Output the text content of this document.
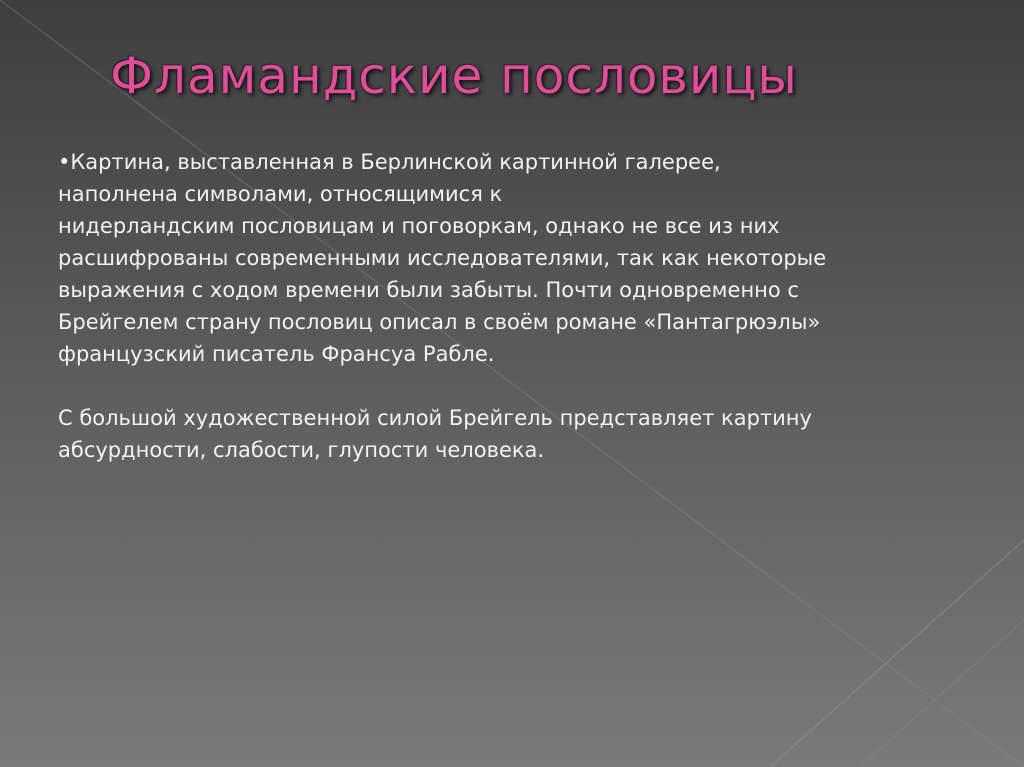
Фламандские пословицы

•Картина, выставленная в Берлинской картинной галерее,
наполнена символами, относящимися к
нидерландским пословицам и поговоркам, однако не все из них
расшифрованы современными исследователями, так как некоторые
выражения с ходом времени были забыты. Почти одновременно с
Брейгелем страну пословиц описал в своём романе «Пантагрюэлы»
французский писатель Франсуа Рабле.

С большой художественной силой Брейгель представляет картину
абсурдности, слабости, глупости человека.
